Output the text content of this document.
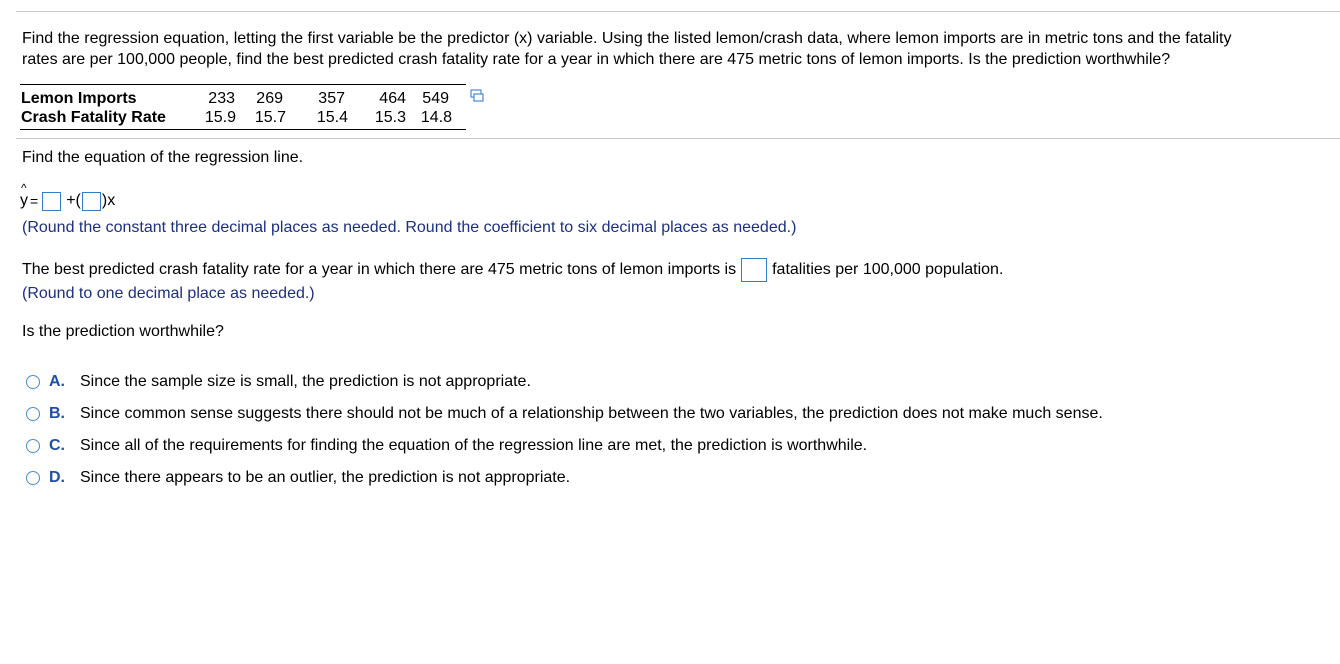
Find the regression equation, letting the first variable be the predictor (x) variable. Using the listed lemon/crash data, where lemon imports are in metric tons and the fatality
rates are per 100,000 people, find the best predicted crash fatality rate for a year in which there are 475 metric tons of lemon imports. Is the prediction worthwhile?
Lemon Imports	233 269 357 464 549
Crash Fatality Rate 15.9 15.7 15.4 15.3 14.8
Find the equation of the regression line.
^
y = +( )x
(Round the constant three decimal places as needed. Round the coefficient to six decimal places as needed.)
The best predicted crash fatality rate for a year in which there are 475 metric tons of lemon imports is fatalities per 100,000 population.
(Round to one decimal place as needed.)
Is the prediction worthwhile?
A. Since the sample size is small, the prediction is not appropriate.
B. Since common sense suggests there should not be much of a relationship between the two variables, the prediction does not make much sense.
C. Since all of the requirements for finding the equation of the regression line are met, the prediction is worthwhile.
D. Since there appears to be an outlier, the prediction is not appropriate.
